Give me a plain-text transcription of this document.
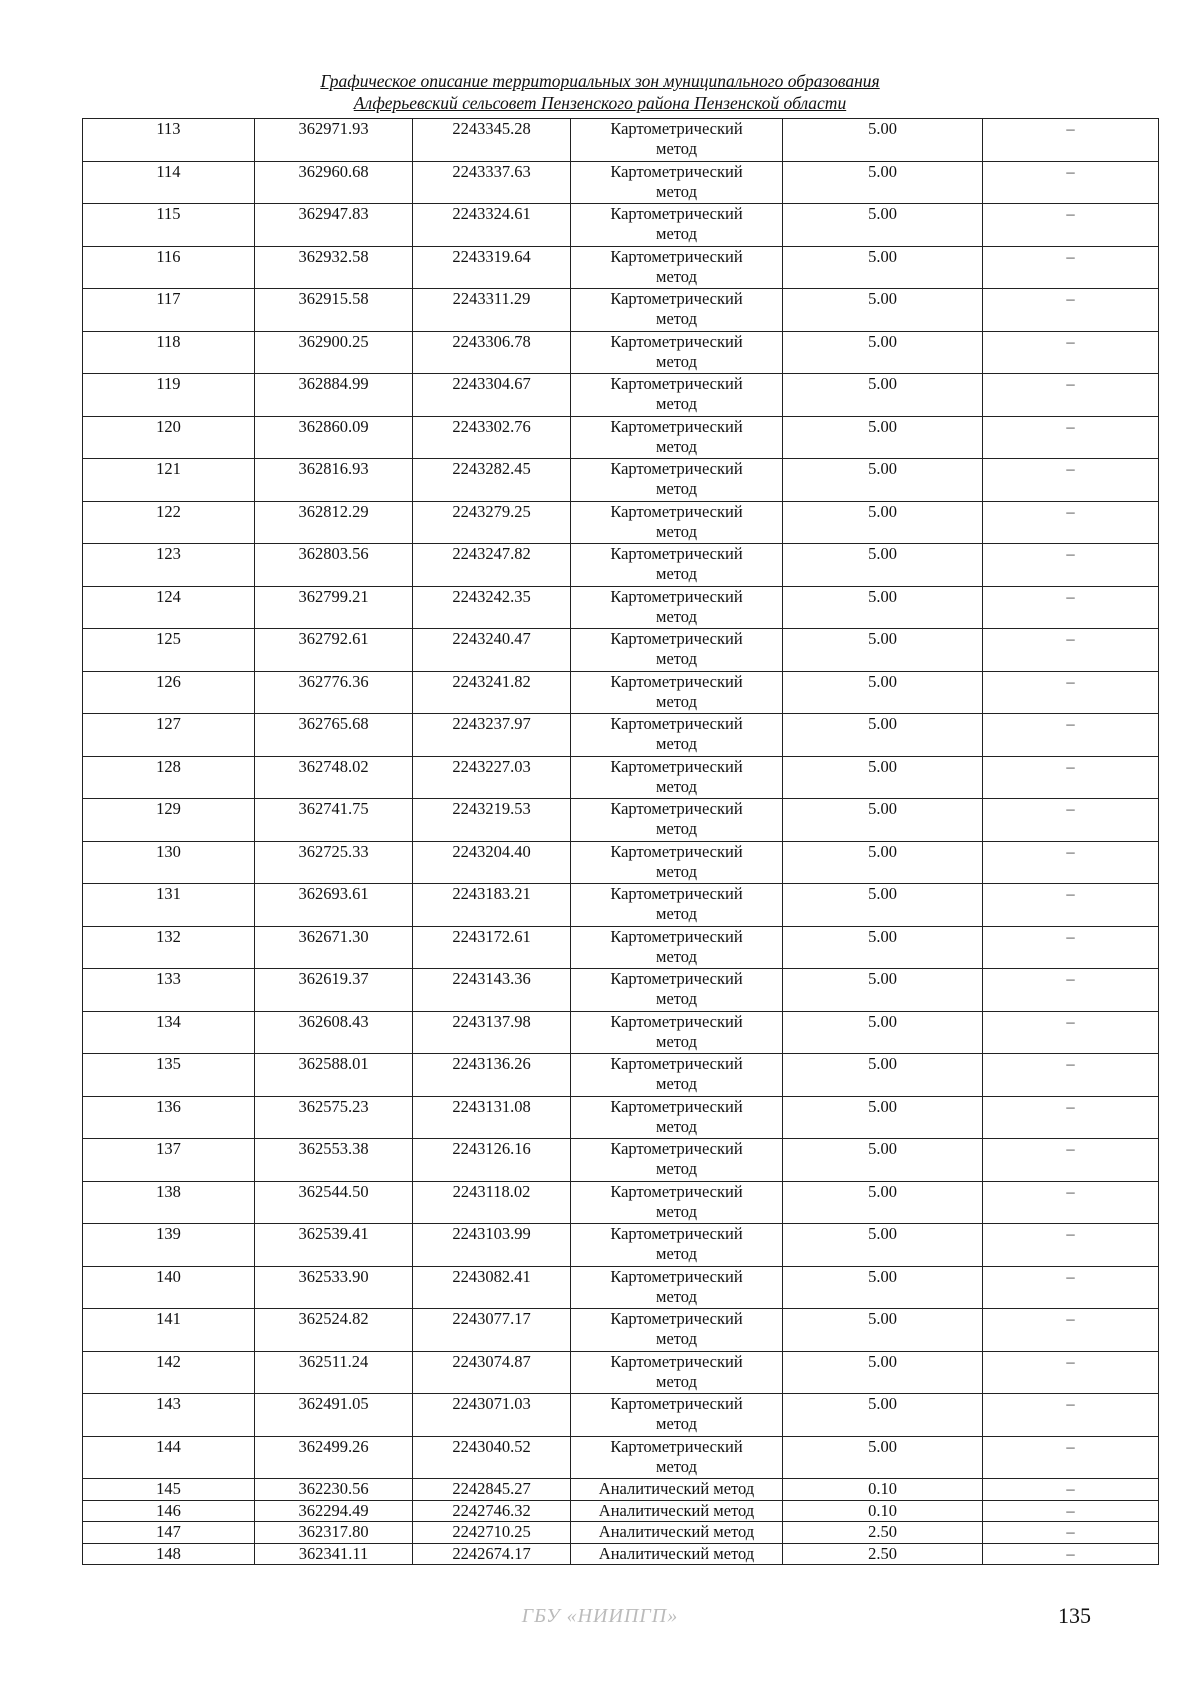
Графическое описание территориальных зон муниципального образования
Алферьевский сельсовет Пензенского района Пензенской области
113	362971.93	2243345.28	Картометрический
метод	5.00	–

114	362960.68	2243337.63	Картометрический
метод	5.00	–

115	362947.83	2243324.61	Картометрический
метод	5.00	–

116	362932.58	2243319.64	Картометрический
метод	5.00	–

117	362915.58	2243311.29	Картометрический
метод	5.00	–

118	362900.25	2243306.78	Картометрический
метод	5.00	–

119	362884.99	2243304.67	Картометрический
метод	5.00	–

120	362860.09	2243302.76	Картометрический
метод	5.00	–

121	362816.93	2243282.45	Картометрический
метод	5.00	–

122	362812.29	2243279.25	Картометрический
метод	5.00	–

123	362803.56	2243247.82	Картометрический
метод	5.00	–

124	362799.21	2243242.35	Картометрический
метод	5.00	–

125	362792.61	2243240.47	Картометрический
метод	5.00	–

126	362776.36	2243241.82	Картометрический
метод	5.00	–

127	362765.68	2243237.97	Картометрический
метод	5.00	–

128	362748.02	2243227.03	Картометрический
метод	5.00	–

129	362741.75	2243219.53	Картометрический
метод	5.00	–

130	362725.33	2243204.40	Картометрический
метод	5.00	–

131	362693.61	2243183.21	Картометрический
метод	5.00	–

132	362671.30	2243172.61	Картометрический
метод	5.00	–

133	362619.37	2243143.36	Картометрический
метод	5.00	–

134	362608.43	2243137.98	Картометрический
метод	5.00	–

135	362588.01	2243136.26	Картометрический
метод	5.00	–

136	362575.23	2243131.08	Картометрический
метод	5.00	–

137	362553.38	2243126.16	Картометрический
метод	5.00	–

138	362544.50	2243118.02	Картометрический
метод	5.00	–

139	362539.41	2243103.99	Картометрический
метод	5.00	–

140	362533.90	2243082.41	Картометрический
метод	5.00	–

141	362524.82	2243077.17	Картометрический
метод	5.00	–

142	362511.24	2243074.87	Картометрический
метод	5.00	–

143	362491.05	2243071.03	Картометрический
метод	5.00	–

144	362499.26	2243040.52	Картометрический
метод	5.00	–

145	362230.56	2242845.27	Аналитический метод	0.10	–

146	362294.49	2242746.32	Аналитический метод	0.10	–

147	362317.80	2242710.25	Аналитический метод	2.50	–

148	362341.11	2242674.17	Аналитический метод	2.50	–
ГБУ «НИИПГП»	135
